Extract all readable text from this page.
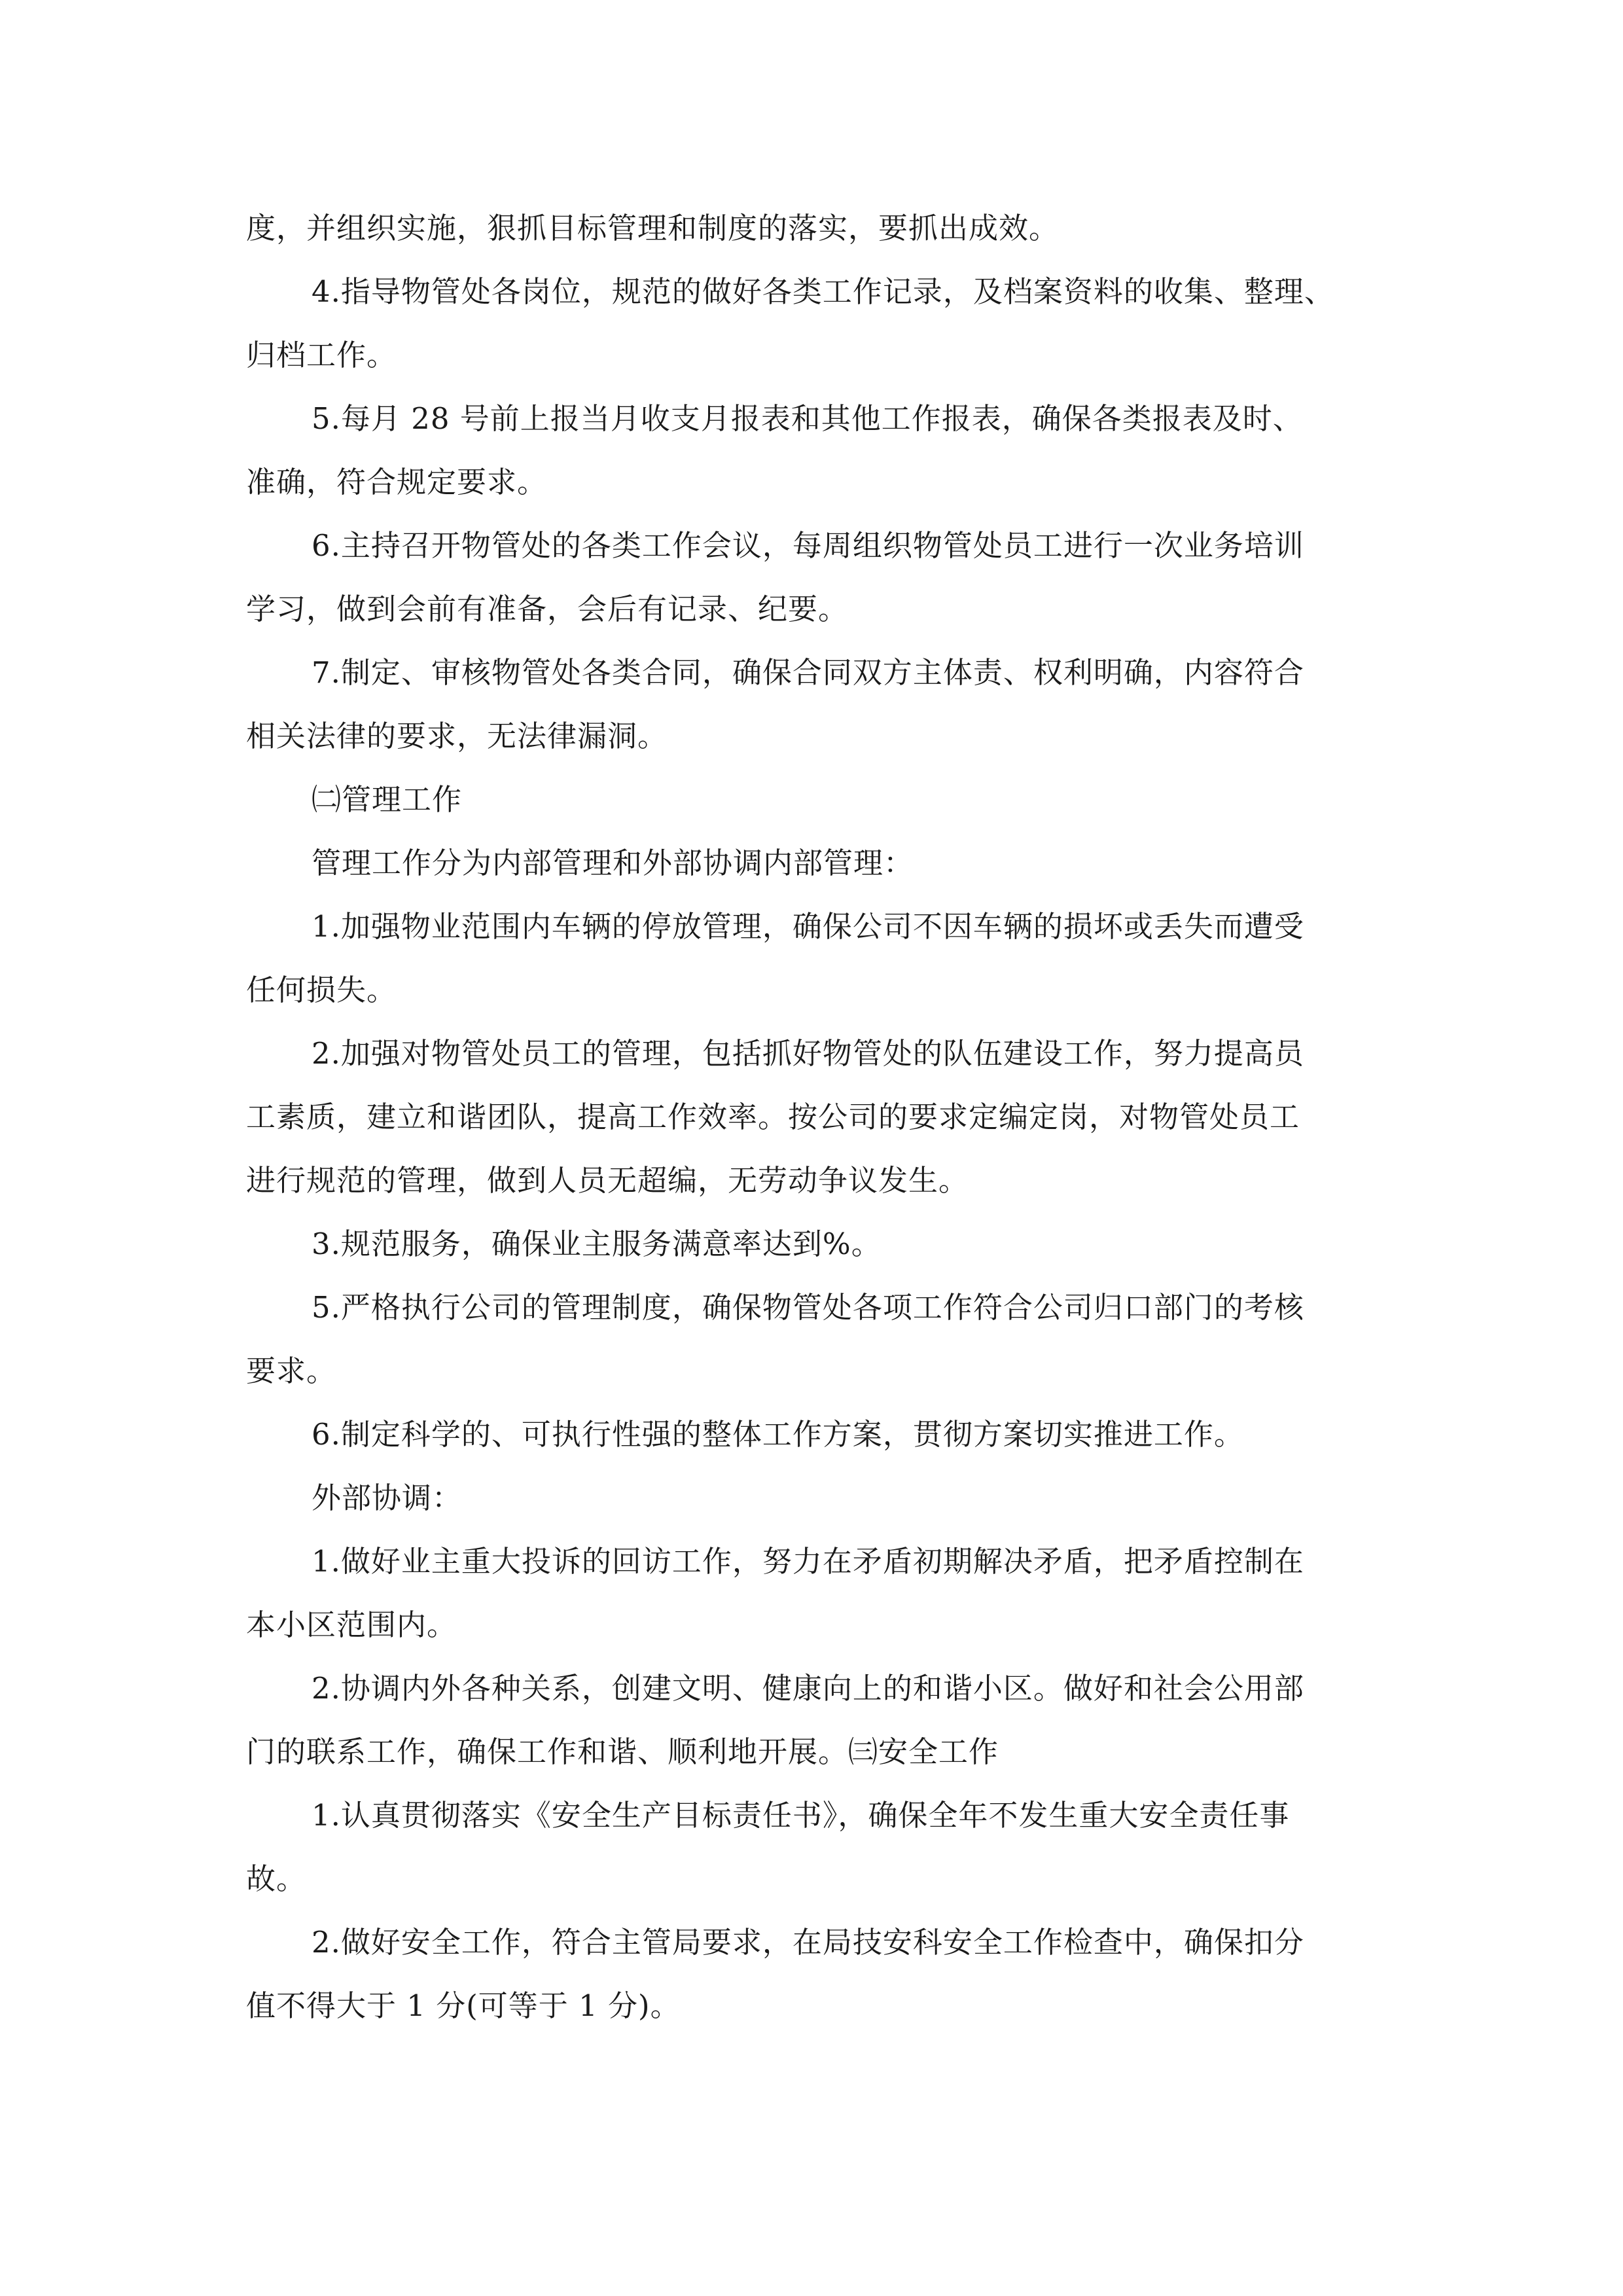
度，并组织实施，狠抓目标管理和制度的落实，要抓出成效。
4.指导物管处各岗位，规范的做好各类工作记录，及档案资料的收集、整理、
归档工作。
5.每月 28 号前上报当月收支月报表和其他工作报表，确保各类报表及时、
准确，符合规定要求。
6.主持召开物管处的各类工作会议，每周组织物管处员工进行一次业务培训
学习，做到会前有准备，会后有记录、纪要。
7.制定、审核物管处各类合同，确保合同双方主体责、权利明确，内容符合
相关法律的要求，无法律漏洞。
㈡管理工作
管理工作分为内部管理和外部协调内部管理：
1.加强物业范围内车辆的停放管理，确保公司不因车辆的损坏或丢失而遭受
任何损失。
2.加强对物管处员工的管理，包括抓好物管处的队伍建设工作，努力提高员
工素质，建立和谐团队，提高工作效率。按公司的要求定编定岗，对物管处员工
进行规范的管理，做到人员无超编，无劳动争议发生。
3.规范服务，确保业主服务满意率达到%。
5.严格执行公司的管理制度，确保物管处各项工作符合公司归口部门的考核
要求。
6.制定科学的、可执行性强的整体工作方案，贯彻方案切实推进工作。
外部协调：
1.做好业主重大投诉的回访工作，努力在矛盾初期解决矛盾，把矛盾控制在
本小区范围内。
2.协调内外各种关系，创建文明、健康向上的和谐小区。做好和社会公用部
门的联系工作，确保工作和谐、顺利地开展。㈢安全工作
1.认真贯彻落实《安全生产目标责任书》，确保全年不发生重大安全责任事
故。
2.做好安全工作，符合主管局要求，在局技安科安全工作检查中，确保扣分
值不得大于 1 分(可等于 1 分)。
